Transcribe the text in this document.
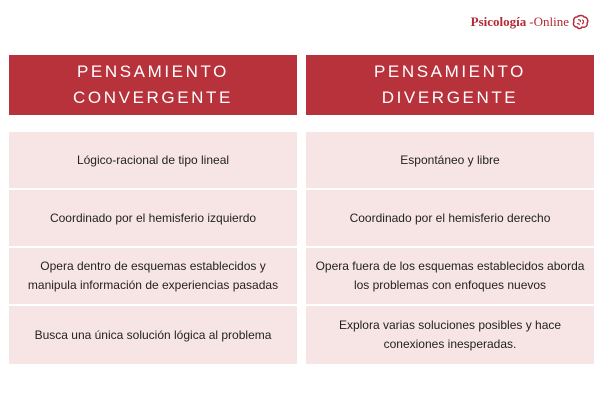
Psicología -Online
PENSAMIENTO
CONVERGENTE
Lógico-racional de tipo lineal
Coordinado por el hemisferio izquierdo
Opera dentro de esquemas establecidos y manipula información de experiencias pasadas
Busca una única solución lógica al problema
PENSAMIENTO
DIVERGENTE
Espontáneo y libre
Coordinado por el hemisferio derecho
Opera fuera de los esquemas establecidos aborda los problemas con enfoques nuevos
Explora varias soluciones posibles y hace conexiones inesperadas.
